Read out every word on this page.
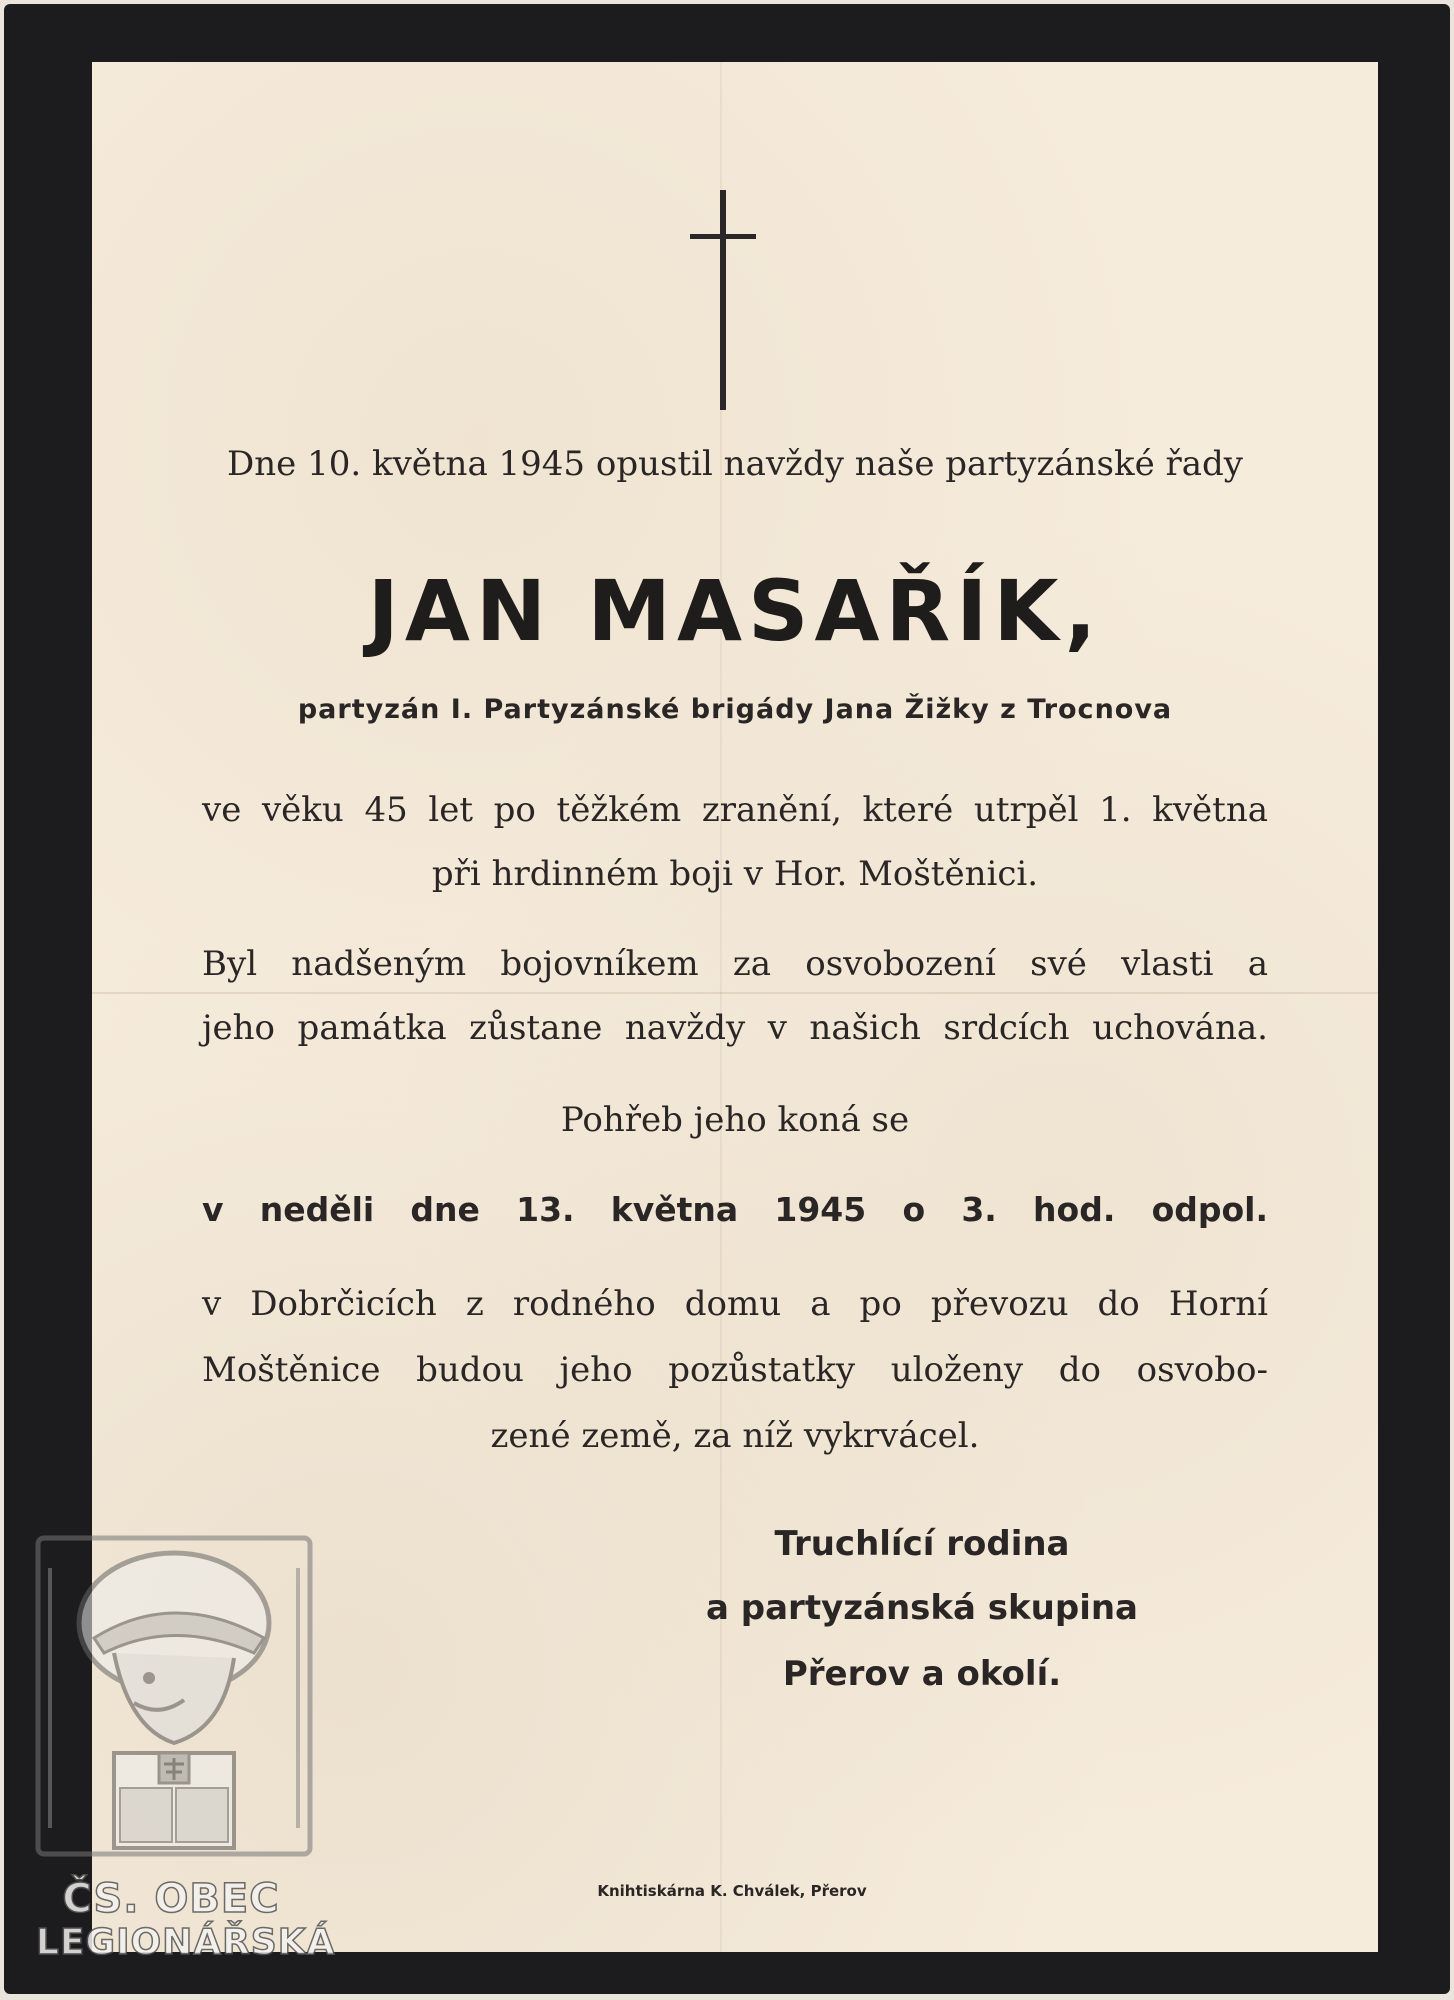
Dne 10. května 1945 opustil navždy naše partyzánské řady

JAN MASAŘÍK,

partyzán I. Partyzánské brigády Jana Žižky z Trocnova

ve věku 45 let po těžkém zranění, které utrpěl 1. května

při hrdinném boji v Hor. Moštěnici.

Byl nadšeným bojovníkem za osvobození své vlasti a

jeho památka zůstane navždy v našich srdcích uchována.

Pohřeb jeho koná se

v neděli dne 13. května 1945 o 3. hod. odpol.

v Dobrčicích z rodného domu a po převozu do Horní

Moštěnice budou jeho pozůstatky uloženy do osvobo-

zené země, za níž vykrvácel.

Truchlící rodina

a partyzánská skupina

Přerov a okolí.

Knihtiskárna K. Chválek, Přerov

ČS. OBEC

LEGIONÁŘSKÁ
